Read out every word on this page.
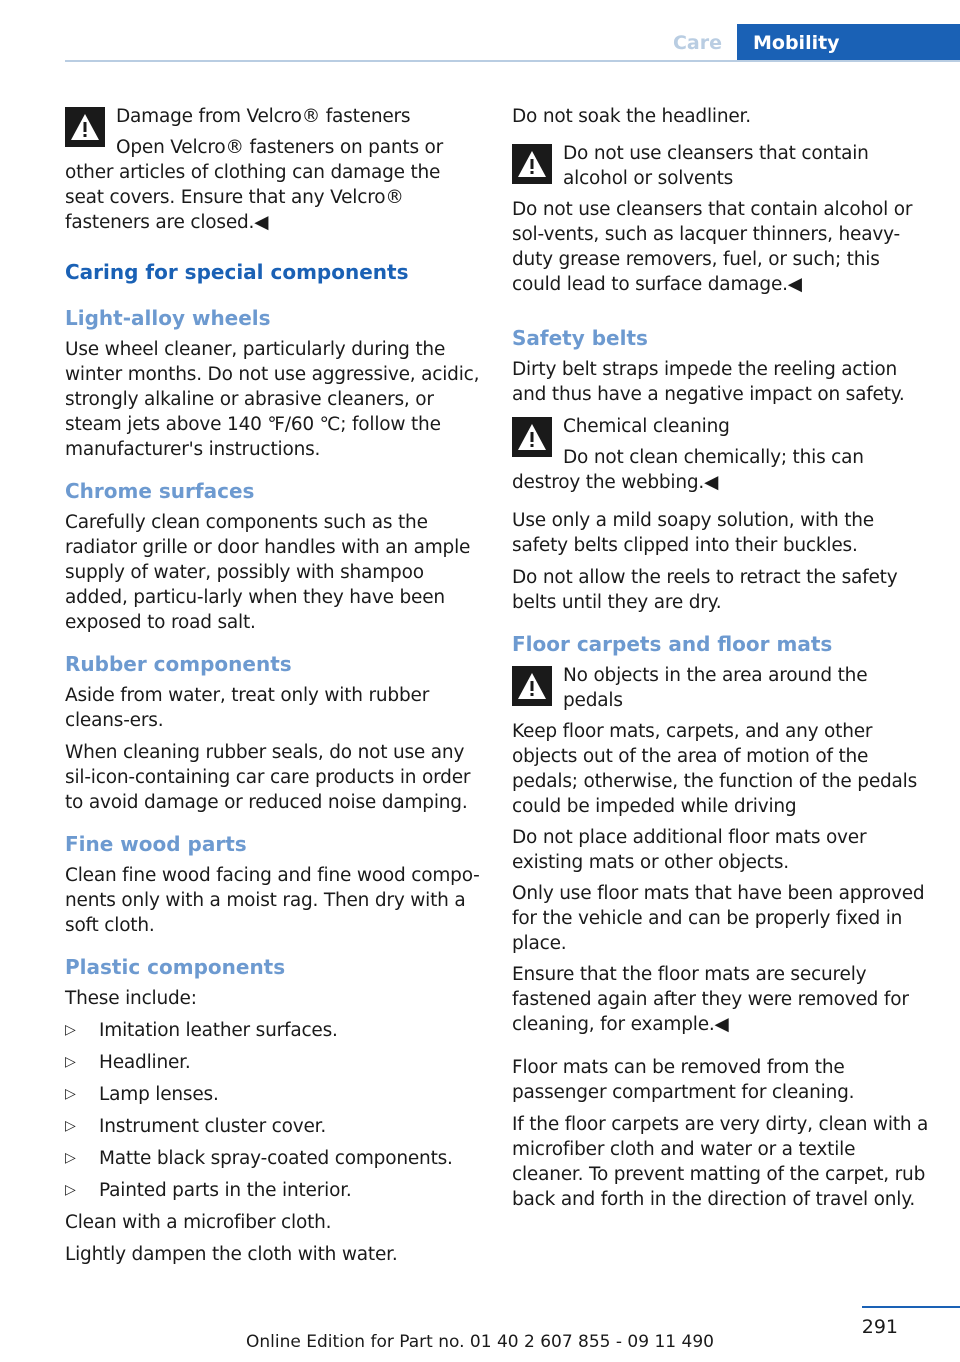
Care	Mobility

Damage from Velcro® fasteners

Open Velcro® fasteners on pants or other articles of clothing can damage the seat covers. Ensure that any Velcro® fasteners are closed.◀

Caring for special components
Light-alloy wheels

Use wheel cleaner, particularly during the winter months. Do not use aggressive, acidic, strongly alkaline or abrasive cleaners, or steam jets above 140 ℉/60 ℃; follow the manufacturer's instructions.

Chrome surfaces

Carefully clean components such as the radiator grille or door handles with an ample supply of water, possibly with shampoo added, particu-larly when they have been exposed to road salt.

Rubber components

Aside from water, treat only with rubber cleans-ers.

When cleaning rubber seals, do not use any sil-icon-containing car care products in order to avoid damage or reduced noise damping.

Fine wood parts

Clean fine wood facing and fine wood compo-nents only with a moist rag. Then dry with a soft cloth.

Plastic components

These include:

▷ Imitation leather surfaces.
▷ Headliner.
▷ Lamp lenses.
▷ Instrument cluster cover.
▷ Matte black spray-coated components.
▷ Painted parts in the interior.

Clean with a microfiber cloth.

Lightly dampen the cloth with water.

Do not soak the headliner.

Do not use cleansers that contain alcohol or solvents

Do not use cleansers that contain alcohol or sol-vents, such as lacquer thinners, heavy-duty grease removers, fuel, or such; this could lead to surface damage.◀

Safety belts

Dirty belt straps impede the reeling action and thus have a negative impact on safety.

Chemical cleaning

Do not clean chemically; this can destroy the webbing.◀

Use only a mild soapy solution, with the safety belts clipped into their buckles.

Do not allow the reels to retract the safety belts until they are dry.

Floor carpets and floor mats

No objects in the area around the pedals

Keep floor mats, carpets, and any other objects out of the area of motion of the pedals; otherwise, the function of the pedals could be impeded while driving

Do not place additional floor mats over existing mats or other objects.

Only use floor mats that have been approved for the vehicle and can be properly fixed in place.

Ensure that the floor mats are securely fastened again after they were removed for cleaning, for example.◀

Floor mats can be removed from the passenger compartment for cleaning.

If the floor carpets are very dirty, clean with a microfiber cloth and water or a textile cleaner. To prevent matting of the carpet, rub back and forth in the direction of travel only.

291
Online Edition for Part no. 01 40 2 607 855 - 09 11 490
